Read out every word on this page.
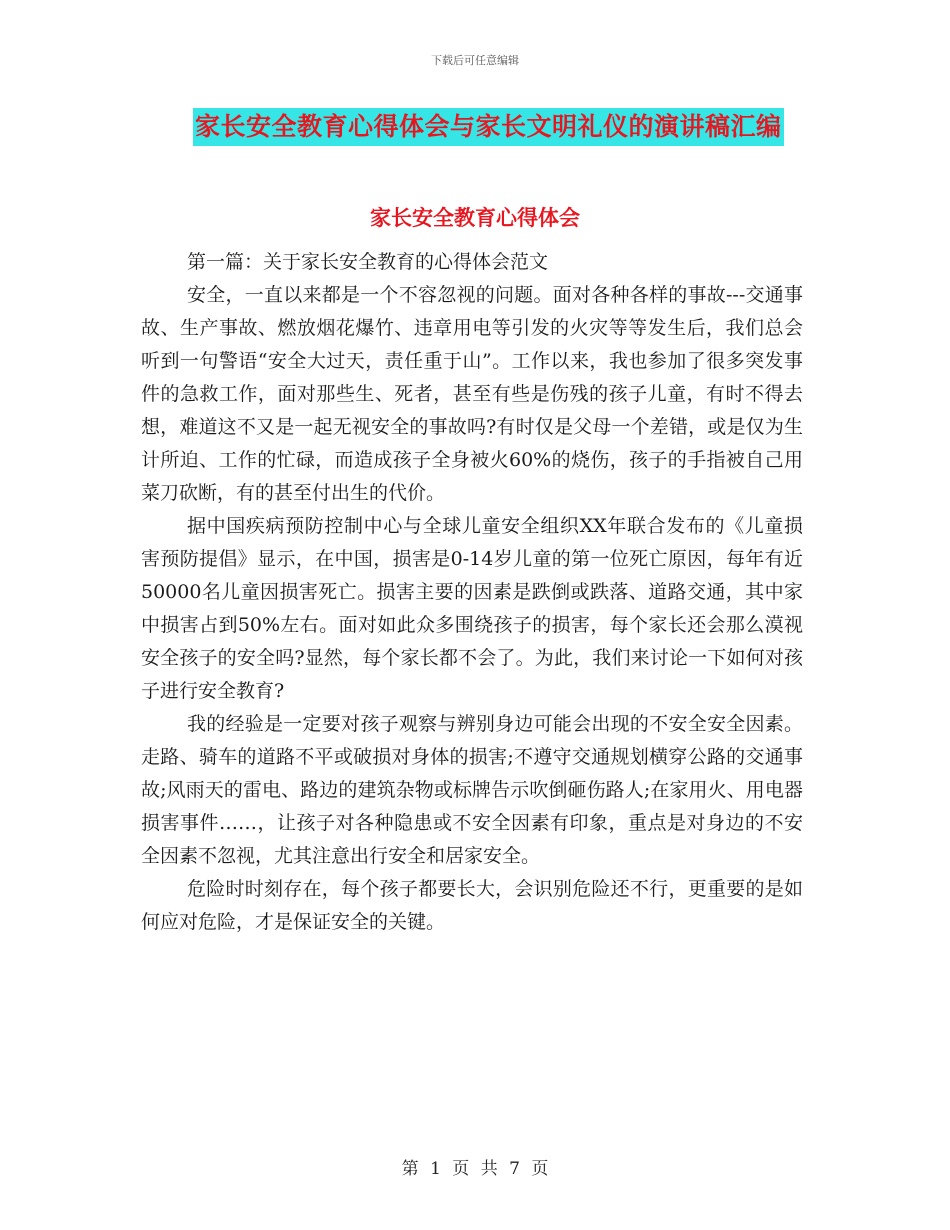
下载后可任意编辑
家长安全教育心得体会与家长文明礼仪的演讲稿汇编
家长安全教育心得体会

第一篇：关于家长安全教育的心得体会范文

安全，一直以来都是一个不容忽视的问题。面对各种各样的事故---交通事故、生产事故、燃放烟花爆竹、违章用电等引发的火灾等等发生后，我们总会听到一句警语“安全大过天，责任重于山”。工作以来，我也参加了很多突发事件的急救工作，面对那些生、死者，甚至有些是伤残的孩子儿童，有时不得去想，难道这不又是一起无视安全的事故吗?有时仅是父母一个差错，或是仅为生计所迫、工作的忙碌，而造成孩子全身被火60%的烧伤，孩子的手指被自己用菜刀砍断，有的甚至付出生的代价。

据中国疾病预防控制中心与全球儿童安全组织XX年联合发布的《儿童损害预防提倡》显示，在中国，损害是0-14岁儿童的第一位死亡原因，每年有近50000名儿童因损害死亡。损害主要的因素是跌倒或跌落、道路交通，其中家中损害占到50%左右。面对如此众多围绕孩子的损害，每个家长还会那么漠视安全孩子的安全吗?显然，每个家长都不会了。为此，我们来讨论一下如何对孩子进行安全教育?

我的经验是一定要对孩子观察与辨别身边可能会出现的不安全安全因素。走路、骑车的道路不平或破损对身体的损害;不遵守交通规划横穿公路的交通事故;风雨天的雷电、路边的建筑杂物或标牌告示吹倒砸伤路人;在家用火、用电器损害事件……，让孩子对各种隐患或不安全因素有印象，重点是对身边的不安全因素不忽视，尤其注意出行安全和居家安全。

危险时时刻存在，每个孩子都要长大，会识别危险还不行，更重要的是如何应对危险，才是保证安全的关键。

第 1 页 共 7 页
